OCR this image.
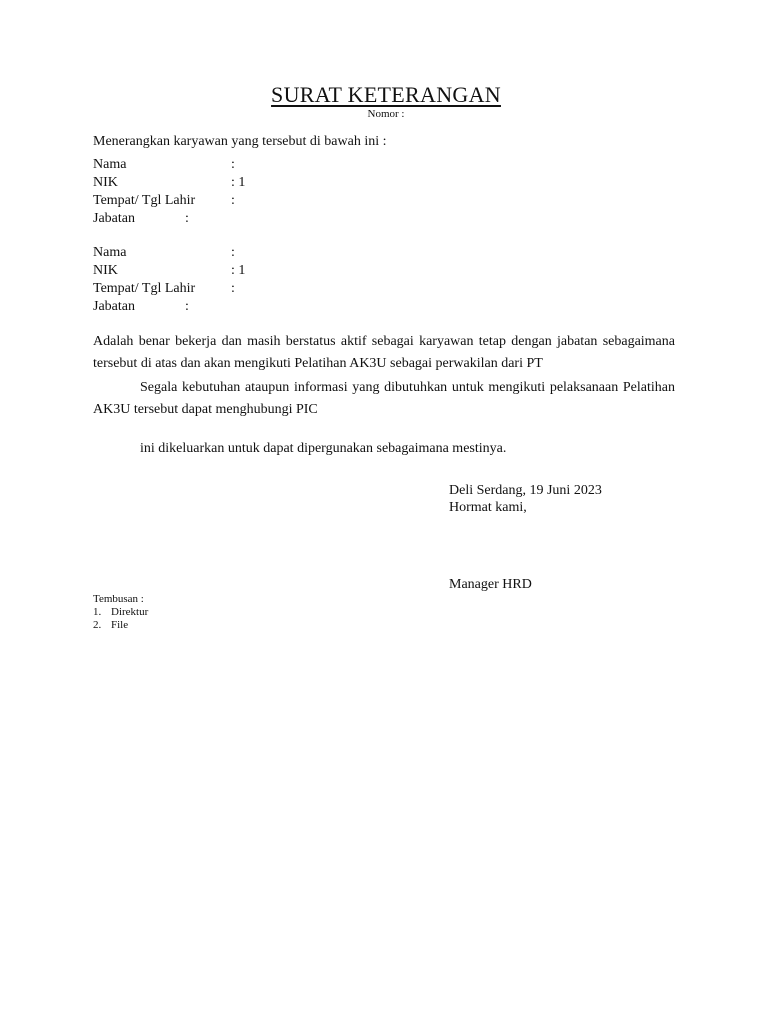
SURAT KETERANGAN
Nomor :
Menerangkan karyawan yang tersebut di bawah ini :
Nama	:
NIK	: 1
Tempat/ Tgl Lahir	:
Jabatan	:
Nama	:
NIK	: 1
Tempat/ Tgl Lahir	:
Jabatan	:
Adalah benar bekerja dan masih berstatus aktif sebagai karyawan tetap dengan jabatan sebagaimana tersebut di atas dan akan mengikuti Pelatihan AK3U sebagai perwakilan dari PT
Segala kebutuhan ataupun informasi yang dibutuhkan untuk mengikuti pelaksanaan Pelatihan AK3U tersebut dapat menghubungi PIC
ini dikeluarkan untuk dapat dipergunakan sebagaimana mestinya.
Deli Serdang, 19 Juni 2023
Hormat kami,
Manager HRD
Tembusan :
1. Direktur
2. File
